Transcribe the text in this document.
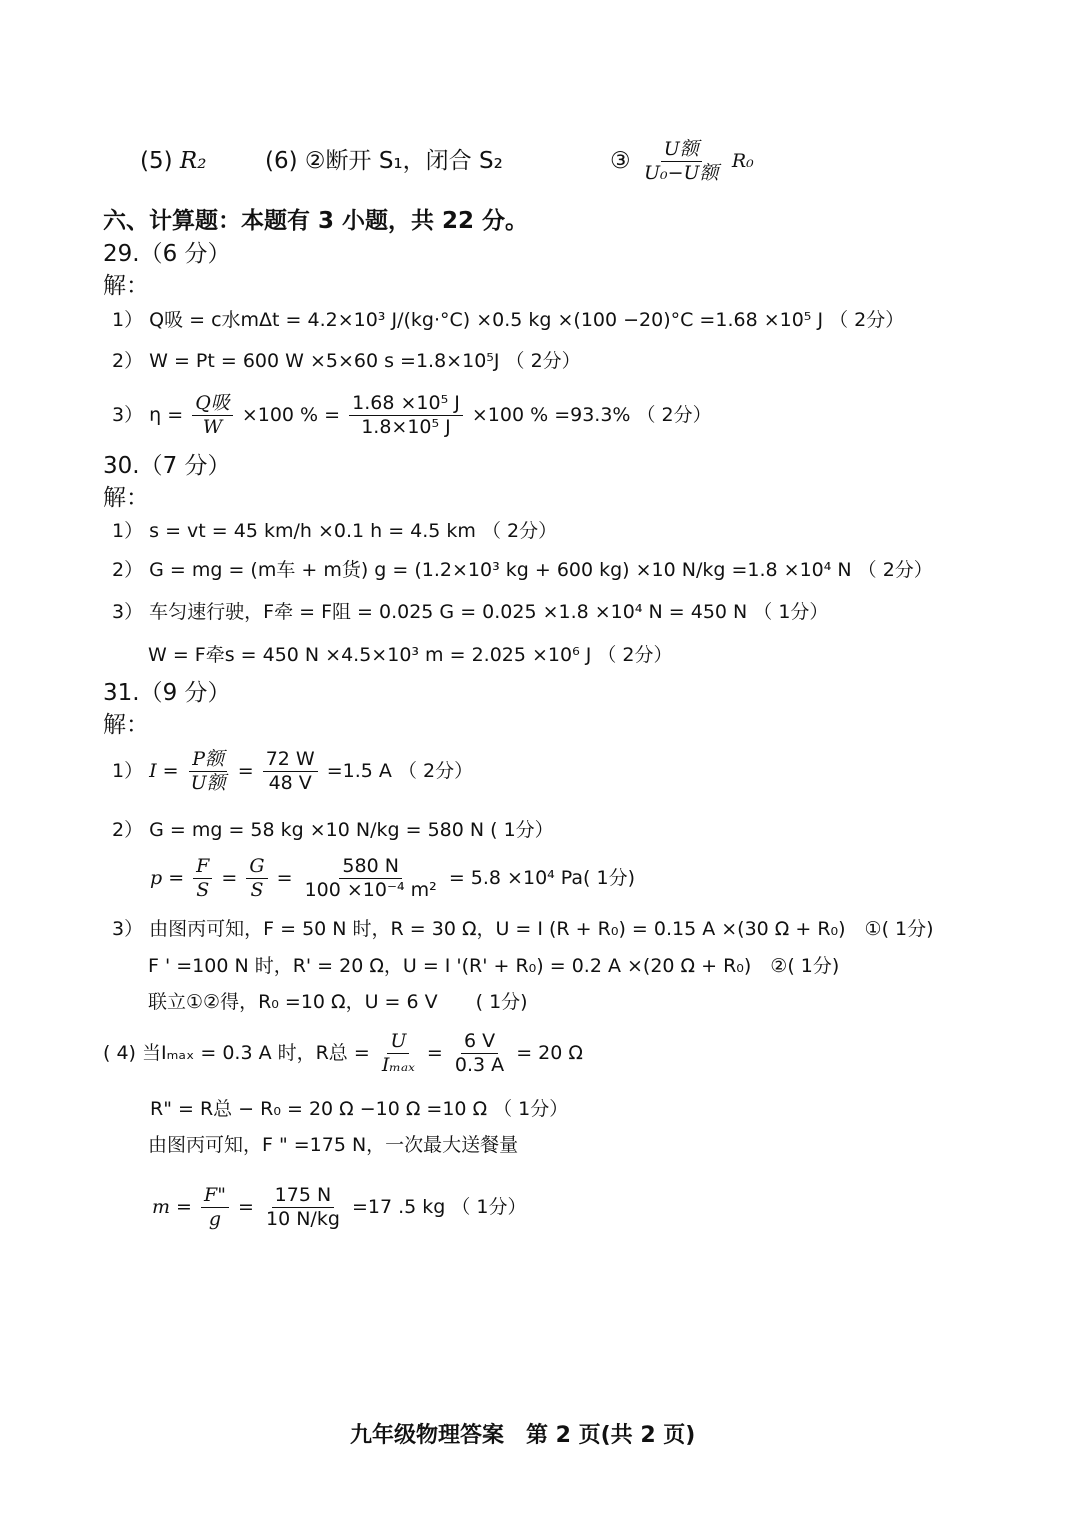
(5) R₂	(6) ②断开 S₁，闭合 S₂	③ $\frac{\text{U额}}{\text{U₀−U额}} R_0$
六、计算题：本题有 3 小题，共 22 分。
29.（6 分）
解：
1） Q吸 = c水mΔt = 4.2×10³ J/(kg·°C) ×0.5 kg ×(100 −20)°C =1.68 ×10⁵ J （ 2分）
2） W = Pt = 600 W ×5×60 s =1.8×10⁵J （ 2分）
3） $\eta = \frac{\text{Q吸}}{W} \times 100$ % = $\frac{\text{1.68 ×10⁵ J}}{\text{1.8×10⁵ J}} \times 100$ % =93.3% （ 2分）
30.（7 分）
解：
1） s = vt = 45 km/h ×0.1 h = 4.5 km （ 2分）
2） G = mg = (m车 + m货) g = (1.2×10³ kg + 600 kg) ×10 N/kg =1.8 ×10⁴ N （ 2分）
3） 车匀速行驶，F牵 = F阻 = 0.025 G = 0.025 ×1.8 ×10⁴ N = 450 N （ 1分）
W = F牵s = 450 N ×4.5×10³ m = 2.025 ×10⁶ J （ 2分）
31.（9 分）
解：
1） $I = \frac{\text{P额}}{\text{U额}} = \frac{72 W}{48 V} =1.5$ A （ 2分）
2） G = mg = 58 kg ×10 N/kg = 580 N ( 1分）
$p = \frac{F}{S} = \frac{G}{S} = \frac{580 N}{\text{100 ×10⁻⁴ m²}} = 5.8 \times 10^4$ Pa( 1分)
3） 由图丙可知，F = 50 N 时，R = 30 Ω，U = I (R + R₀) = 0.15 A ×(30 Ω + R₀)　①( 1分)
F ' =100 N 时，R' = 20 Ω，U = I '(R' + R₀) = 0.2 A ×(20 Ω + R₀)　②( 1分)
联立①②得，R₀ =10 Ω，U = 6 V　　( 1分)
( 4) 当Iₘₐₓ = 0.3 A 时，R总 = $\frac{U}{\text{Iₘₐₓ}} = \frac{6 V}{0.3 A} = 20$ Ω
R" = R总 − R₀ = 20 Ω −10 Ω =10 Ω （ 1分）
由图丙可知，F " =175 N，一次最大送餐量
$m = \frac{F"}{g} = \frac{175 N}{10 N/kg} =17$ .5 kg （ 1分）
九年级物理答案　第 2 页(共 2 页)
